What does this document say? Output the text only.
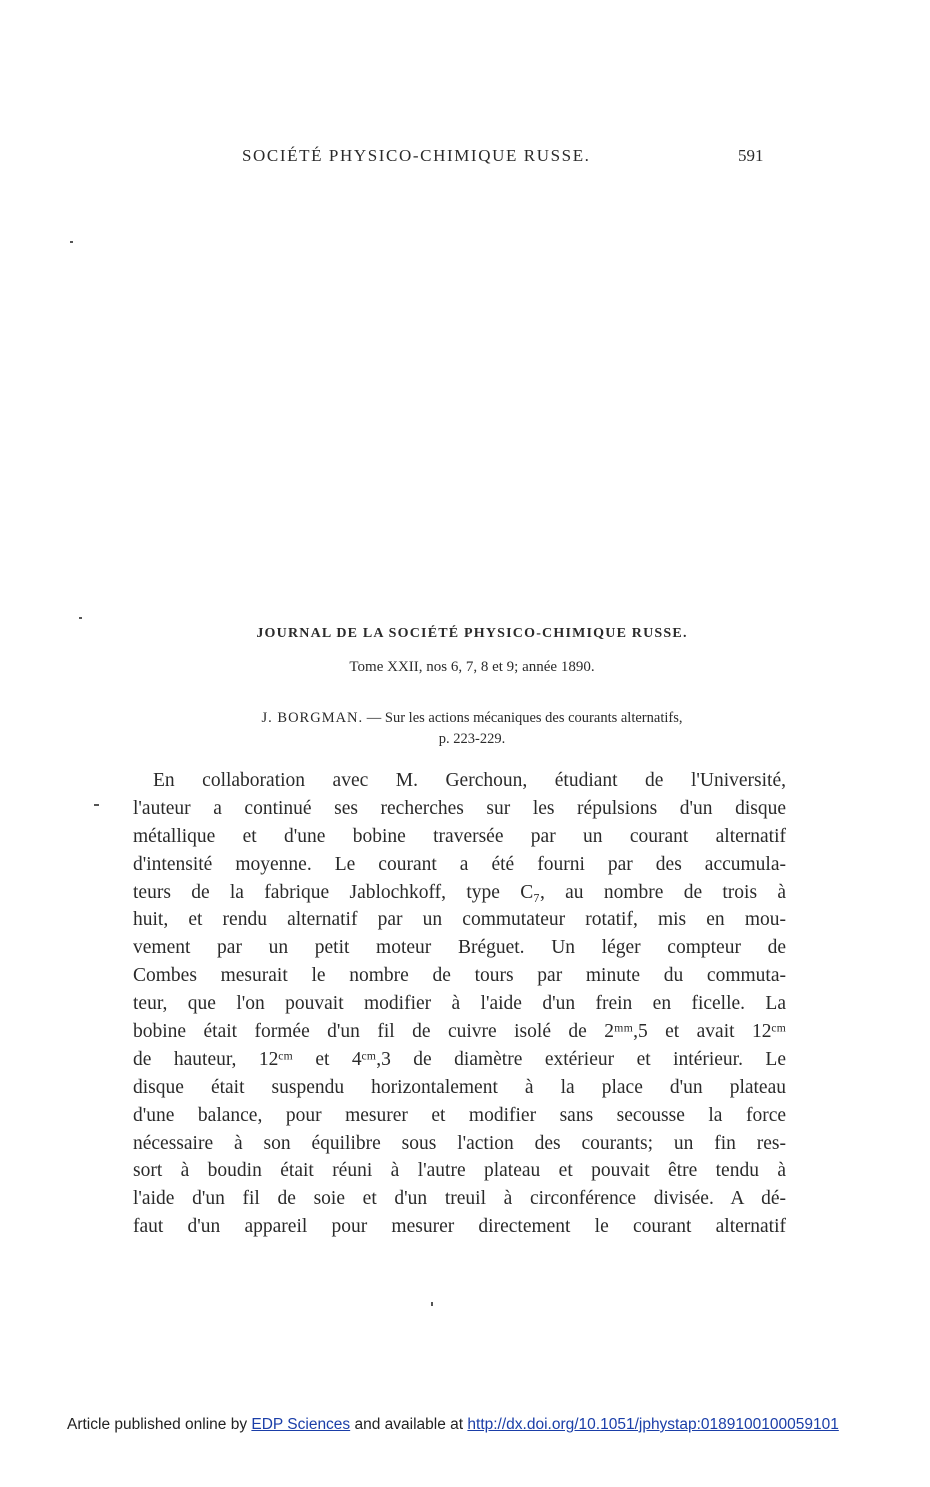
SOCIÉTÉ PHYSICO-CHIMIQUE RUSSE.	591
JOURNAL DE LA SOCIÉTÉ PHYSICO-CHIMIQUE RUSSE.
Tome XXII, nos 6, 7, 8 et 9; année 1890.
J. BORGMAN. — Sur les actions mécaniques des courants alternatifs,
p. 223-229.
En collaboration avec M. Gerchoun, étudiant de l'Université,
l'auteur a continué ses recherches sur les répulsions d'un disque
métallique et d'une bobine traversée par un courant alternatif
d'intensité moyenne. Le courant a été fourni par des accumula-
teurs de la fabrique Jablochkoff, type C₇, au nombre de trois à
huit, et rendu alternatif par un commutateur rotatif, mis en mou-
vement par un petit moteur Bréguet. Un léger compteur de
Combes mesurait le nombre de tours par minute du commuta-
teur, que l'on pouvait modifier à l'aide d'un frein en ficelle. La
bobine était formée d'un fil de cuivre isolé de 2ᵐᵐ,5 et avait 12ᶜᵐ
de hauteur, 12ᶜᵐ et 4ᶜᵐ,3 de diamètre extérieur et intérieur. Le
disque était suspendu horizontalement à la place d'un plateau
d'une balance, pour mesurer et modifier sans secousse la force
nécessaire à son équilibre sous l'action des courants; un fin res-
sort à boudin était réuni à l'autre plateau et pouvait être tendu à
l'aide d'un fil de soie et d'un treuil à circonférence divisée. A dé-
faut d'un appareil pour mesurer directement le courant alternatif
Article published online by EDP Sciences and available at http://dx.doi.org/10.1051/jphystap:0189100100059101
